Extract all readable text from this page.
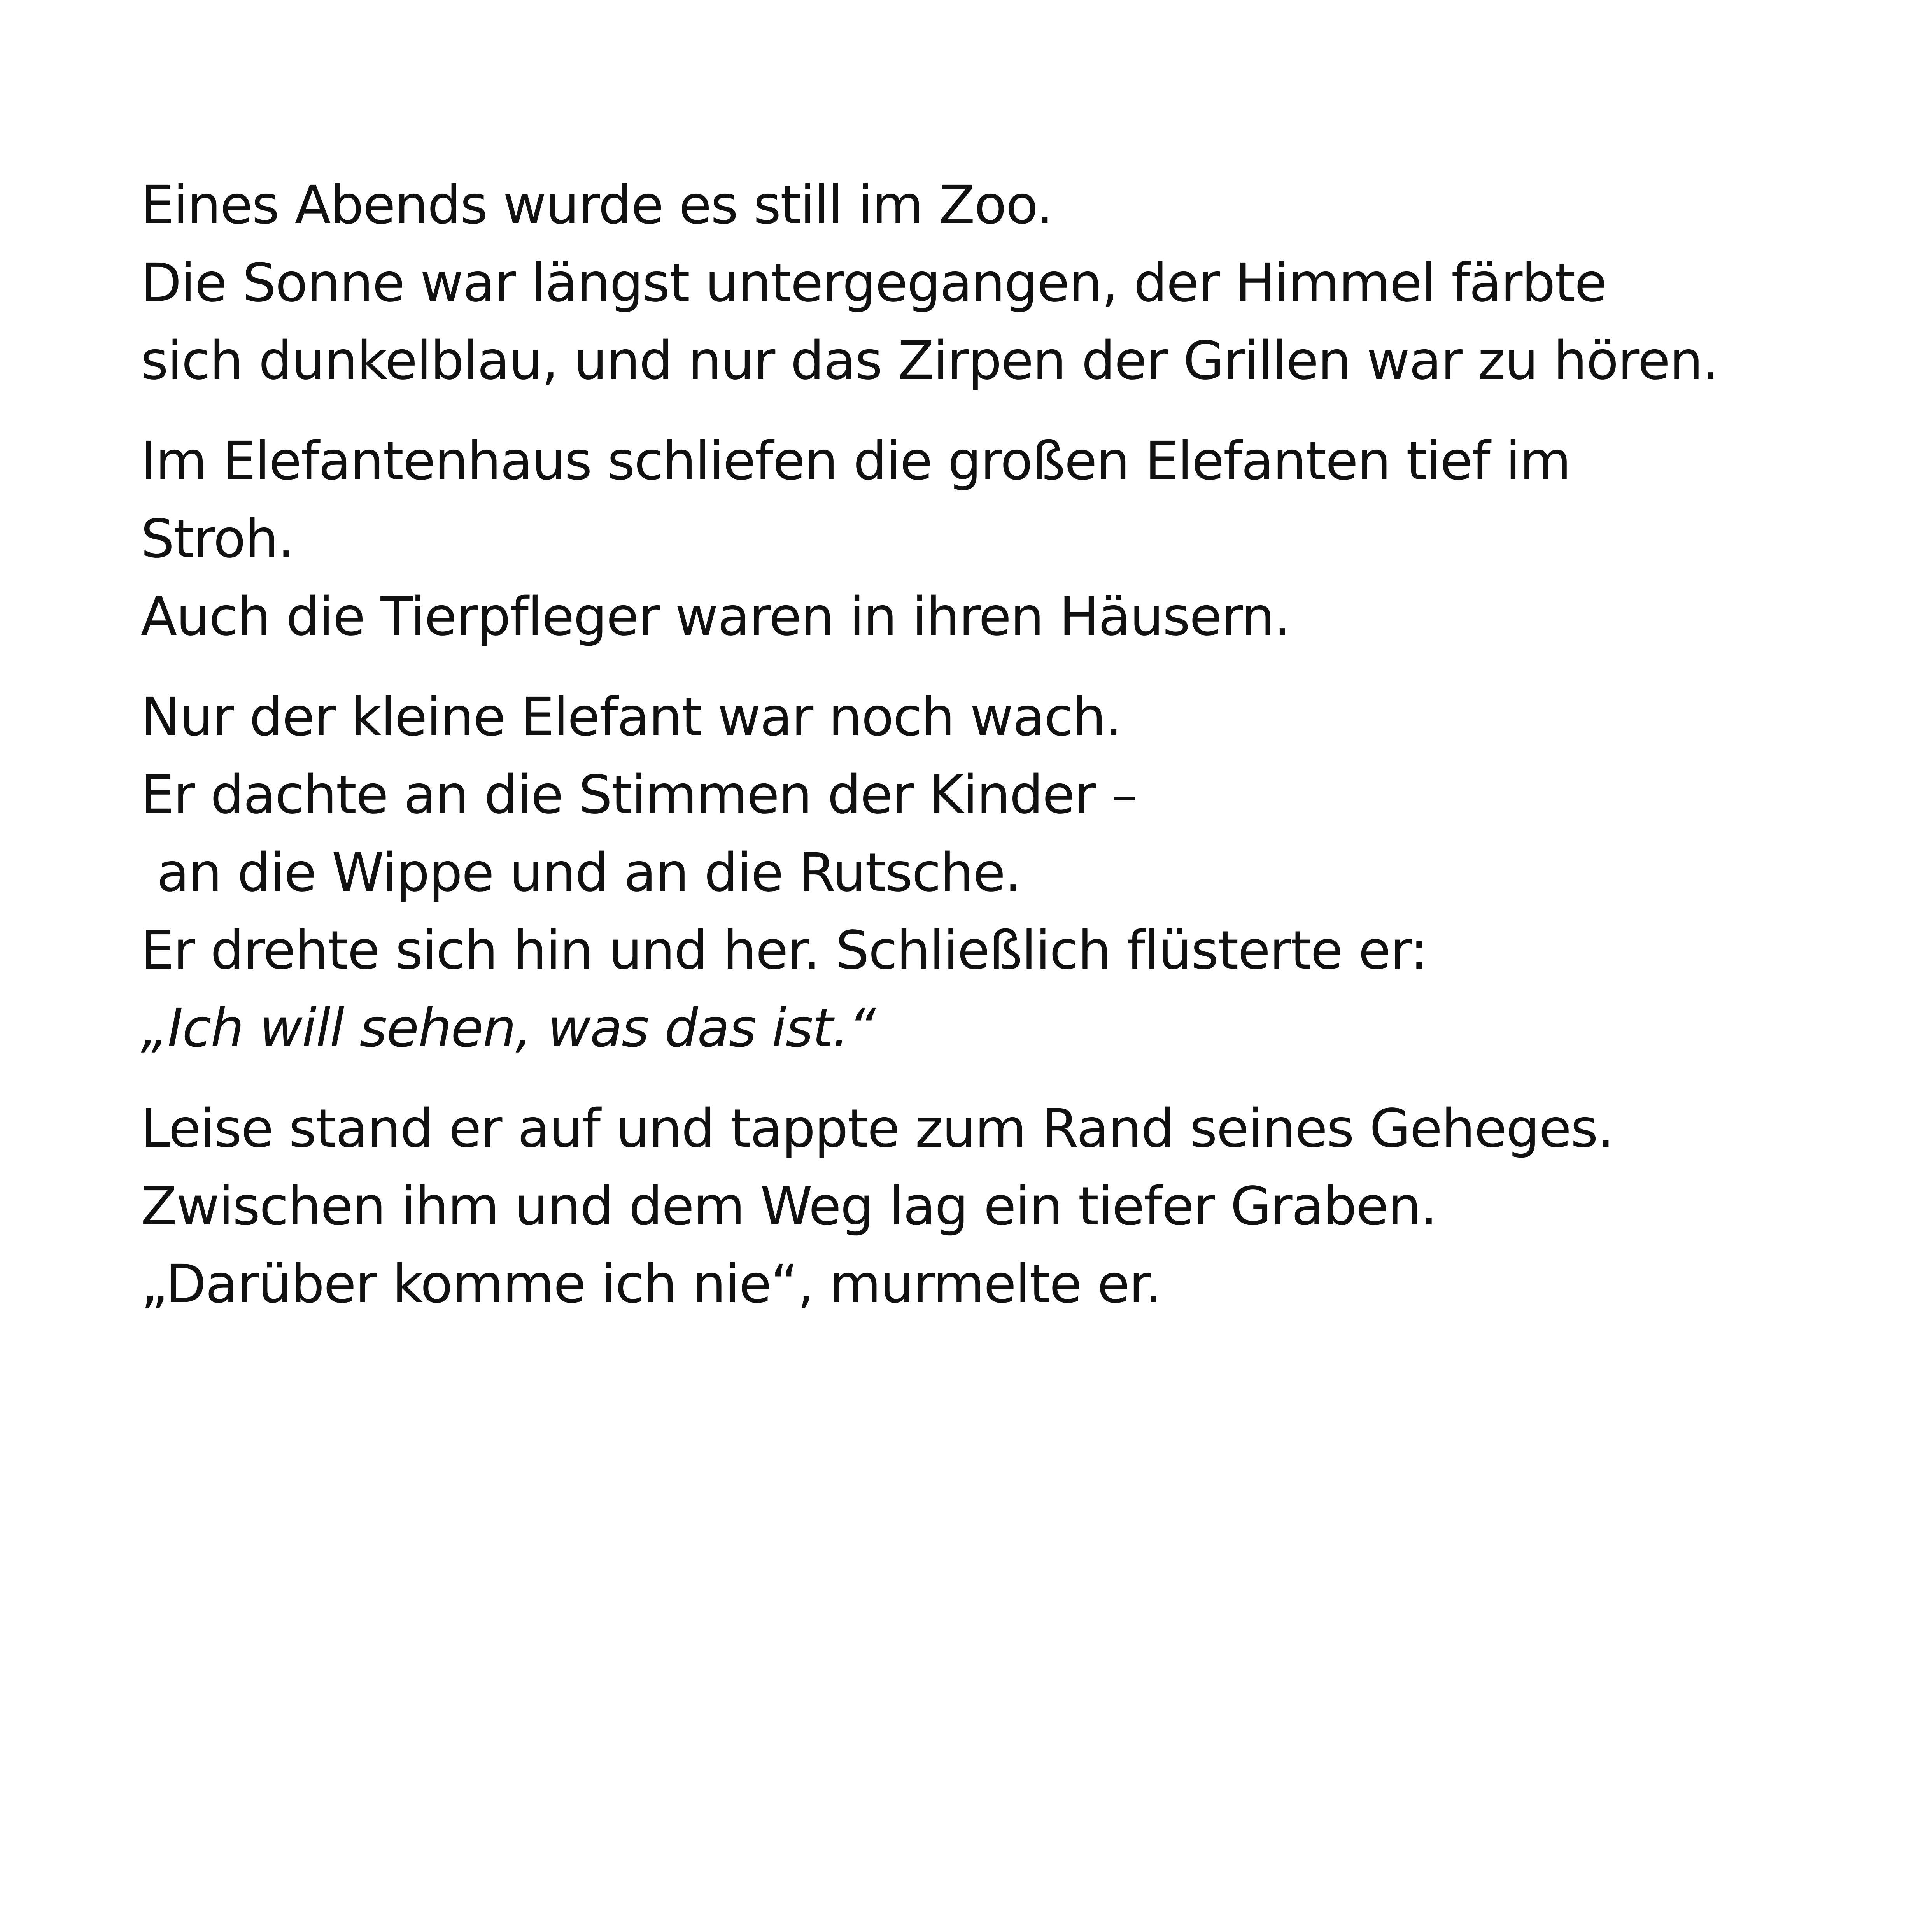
Eines Abends wurde es still im Zoo.
Die Sonne war längst untergegangen, der Himmel färbte
sich dunkelblau, und nur das Zirpen der Grillen war zu hören.
Im Elefantenhaus schliefen die großen Elefanten tief im
Stroh.
Auch die Tierpfleger waren in ihren Häusern.
Nur der kleine Elefant war noch wach.
Er dachte an die Stimmen der Kinder –
an die Wippe und an die Rutsche.
Er drehte sich hin und her. Schließlich flüsterte er:
„Ich will sehen, was das ist.“
Leise stand er auf und tappte zum Rand seines Geheges.
Zwischen ihm und dem Weg lag ein tiefer Graben.
„Darüber komme ich nie“, murmelte er.
